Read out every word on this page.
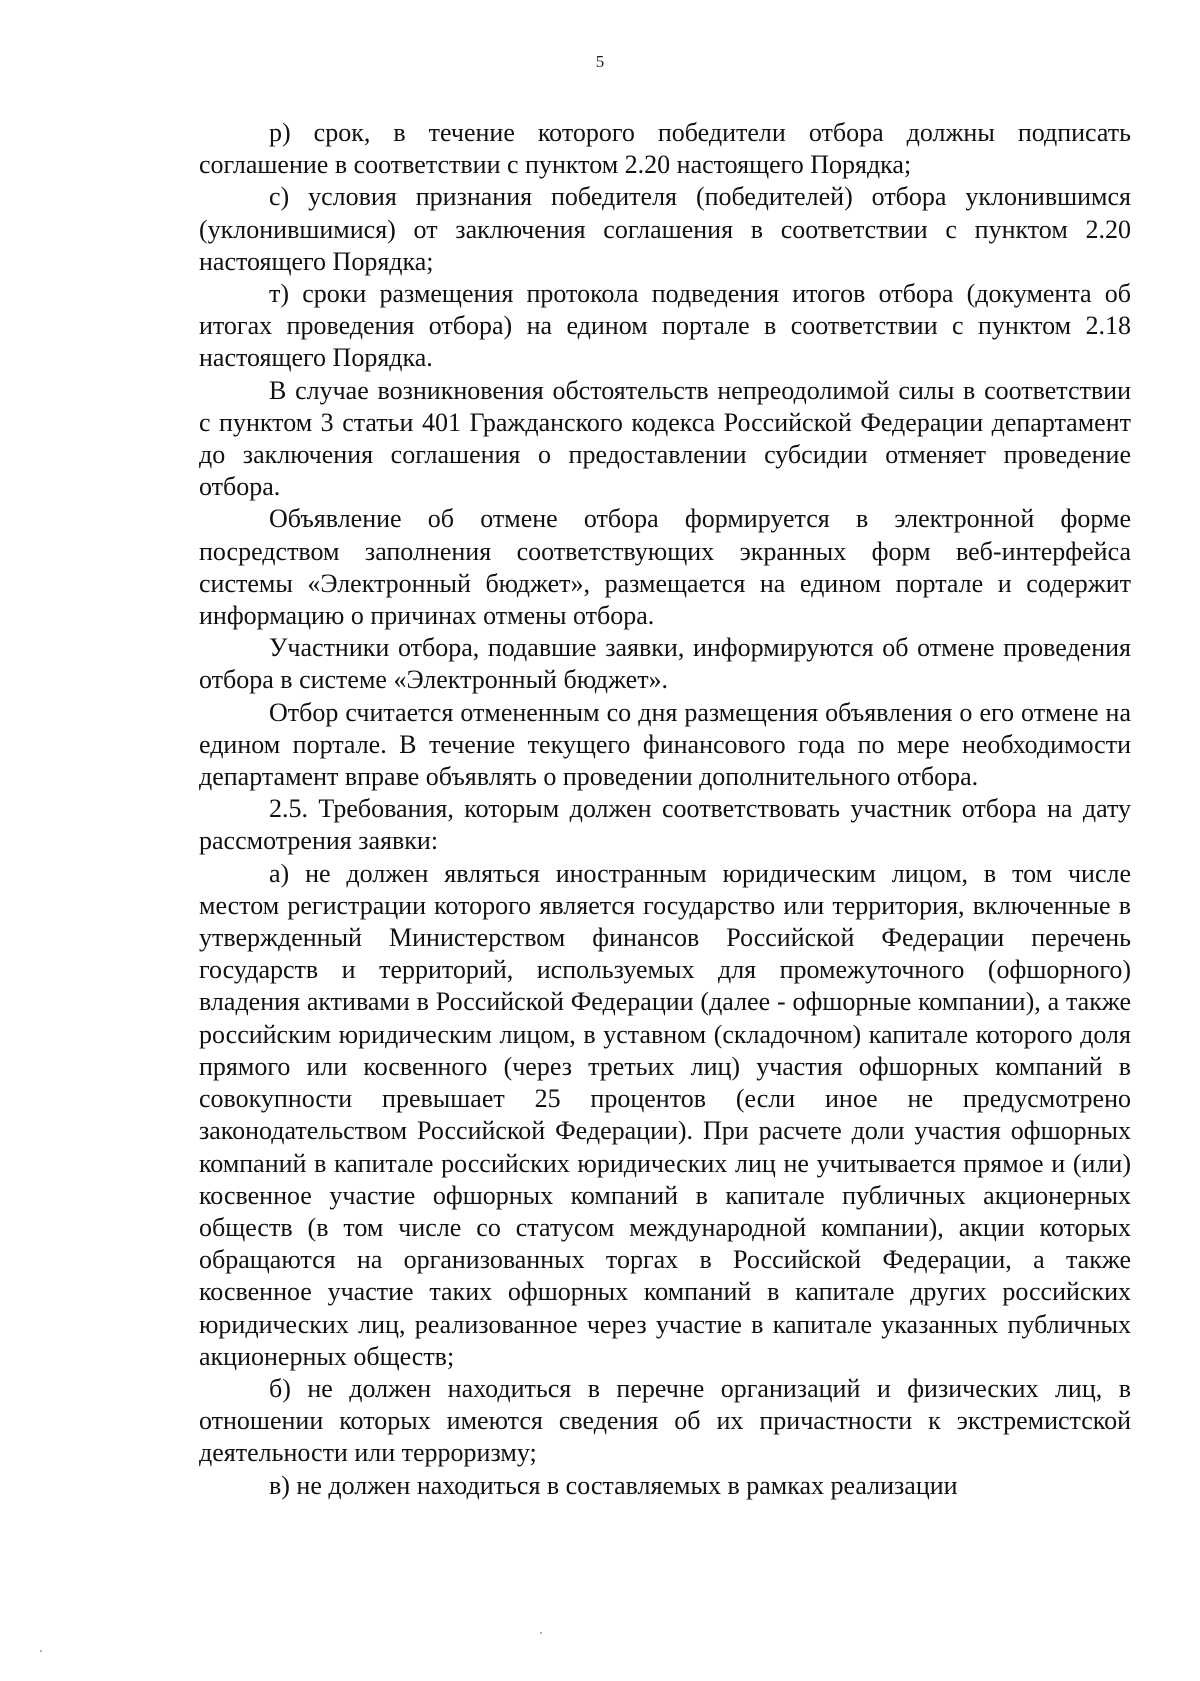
5

р) срок, в течение которого победители отбора должны подписать соглашение в соответствии с пунктом 2.20 настоящего Порядка;

с) условия признания победителя (победителей) отбора уклонившимся (уклонившимися) от заключения соглашения в соответствии с пунктом 2.20 настоящего Порядка;

т) сроки размещения протокола подведения итогов отбора (документа об итогах проведения отбора) на едином портале в соответствии с пунктом 2.18 настоящего Порядка.

В случае возникновения обстоятельств непреодолимой силы в соответствии с пунктом 3 статьи 401 Гражданского кодекса Российской Федерации департамент до заключения соглашения о предоставлении субсидии отменяет проведение отбора.

Объявление об отмене отбора формируется в электронной форме посредством заполнения соответствующих экранных форм веб-интерфейса системы «Электронный бюджет», размещается на едином портале и содержит информацию о причинах отмены отбора.

Участники отбора, подавшие заявки, информируются об отмене проведения отбора в системе «Электронный бюджет».

Отбор считается отмененным со дня размещения объявления о его отмене на едином портале. В течение текущего финансового года по мере необходимости департамент вправе объявлять о проведении дополнительного отбора.

2.5. Требования, которым должен соответствовать участник отбора на дату рассмотрения заявки:

а) не должен являться иностранным юридическим лицом, в том числе местом регистрации которого является государство или территория, включенные в утвержденный Министерством финансов Российской Федерации перечень государств и территорий, используемых для промежуточного (офшорного) владения активами в Российской Федерации (далее - офшорные компании), а также российским юридическим лицом, в уставном (складочном) капитале которого доля прямого или косвенного (через третьих лиц) участия офшорных компаний в совокупности превышает 25 процентов (если иное не предусмотрено законодательством Российской Федерации). При расчете доли участия офшорных компаний в капитале российских юридических лиц не учитывается прямое и (или) косвенное участие офшорных компаний в капитале публичных акционерных обществ (в том числе со статусом международной компании), акции которых обращаются на организованных торгах в Российской Федерации, а также косвенное участие таких офшорных компаний в капитале других российских юридических лиц, реализованное через участие в капитале указанных публичных акционерных обществ;

б) не должен находиться в перечне организаций и физических лиц, в отношении которых имеются сведения об их причастности к экстремистской деятельности или терроризму;

в) не должен находиться в составляемых в рамках реализации
